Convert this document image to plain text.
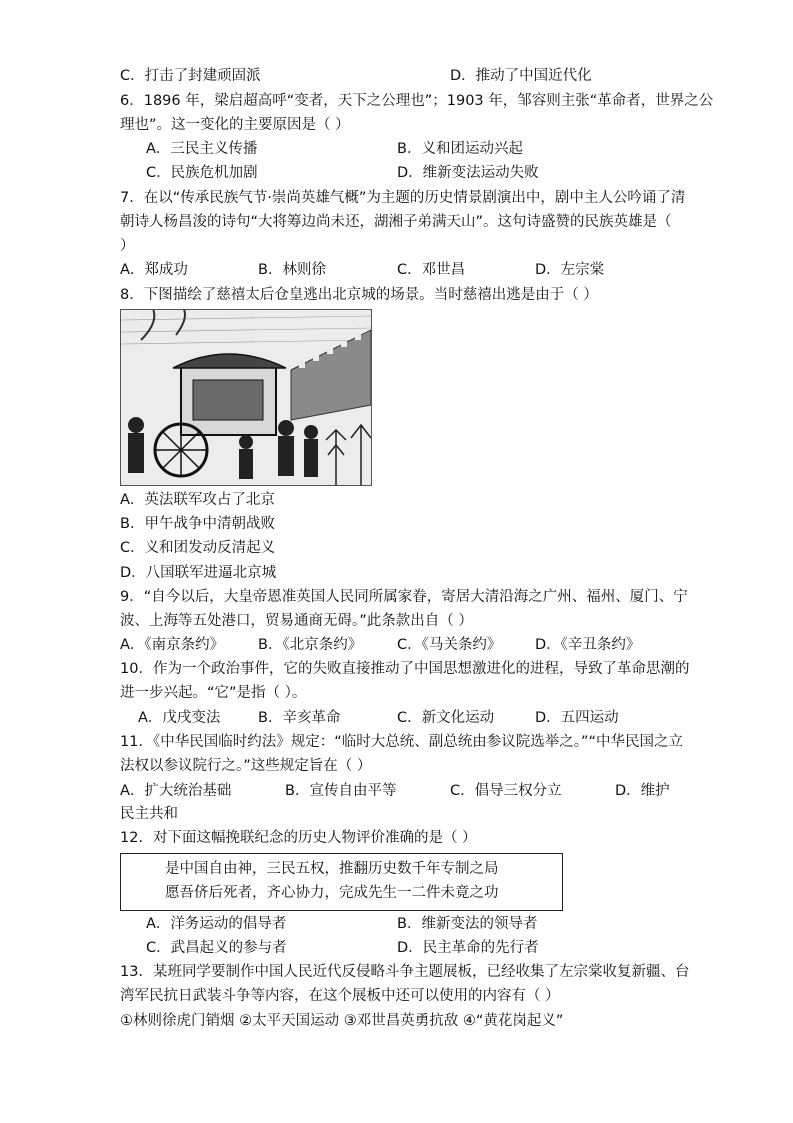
C．打击了封建顽固派	D．推动了中国近代化
6．1896 年，梁启超高呼“变者，天下之公理也”；1903 年，邹容则主张“革命者，世界之公
理也”。这一变化的主要原因是（ ）
A．三民主义传播	B．义和团运动兴起
C．民族危机加剧	D．维新变法运动失败
7．在以“传承民族气节·崇尚英雄气概”为主题的历史情景剧演出中，剧中主人公吟诵了清
朝诗人杨昌浚的诗句“大将筹边尚未还，湖湘子弟满天山”。这句诗盛赞的民族英雄是（
）
A．郑成功	B．林则徐	C．邓世昌	D．左宗棠
8．下图描绘了慈禧太后仓皇逃出北京城的场景。当时慈禧出逃是由于（ ）
A．英法联军攻占了北京
B．甲午战争中清朝战败
C．义和团发动反清起义
D．八国联军进逼北京城
9．“自今以后，大皇帝恩准英国人民同所属家眷，寄居大清沿海之广州、福州、厦门、宁
波、上海等五处港口，贸易通商无碍。”此条款出自（ ）
A．《南京条约》 B．《北京条约》 C．《马关条约》 D．《辛丑条约》
10．作为一个政治事件，它的失败直接推动了中国思想激进化的进程，导致了革命思潮的
进一步兴起。“它”是指（ ）。
A．戊戌变法	B．辛亥革命	C．新文化运动	D．五四运动
11．《中华民国临时约法》规定：“临时大总统、副总统由参议院选举之。”“中华民国之立
法权以参议院行之。”这些规定旨在（ ）
A．扩大统治基础	B．宣传自由平等	C．倡导三权分立	D．维护
民主共和
12．对下面这幅挽联纪念的历史人物评价准确的是（ ）
是中国自由神，三民五权，推翻历史数千年专制之局
愿吾侪后死者，齐心协力，完成先生一二件未竟之功
A．洋务运动的倡导者	B．维新变法的领导者
C．武昌起义的参与者	D．民主革命的先行者
13．某班同学要制作中国人民近代反侵略斗争主题展板，已经收集了左宗棠收复新疆、台
湾军民抗日武装斗争等内容，在这个展板中还可以使用的内容有（ ）
①林则徐虎门销烟 ②太平天国运动 ③邓世昌英勇抗敌 ④“黄花岗起义”
